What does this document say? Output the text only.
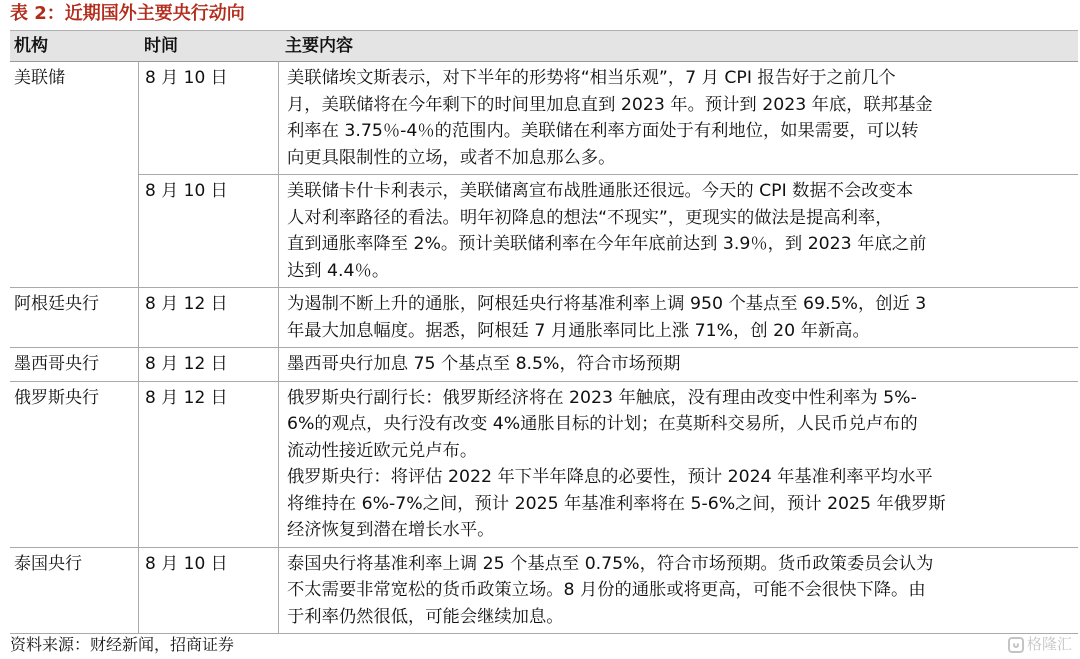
表 2：近期国外主要央行动向
机构	时间	主要内容
美联储	8 月 10 日	美联储埃文斯表示，对下半年的形势将“相当乐观”，7 月 CPI 报告好于之前几个
月，美联储将在今年剩下的时间里加息直到 2023 年。预计到 2023 年底，联邦基金
利率在 3.75％-4％的范围内。美联储在利率方面处于有利地位，如果需要，可以转
向更具限制性的立场，或者不加息那么多。
8 月 10 日	美联储卡什卡利表示，美联储离宣布战胜通胀还很远。今天的 CPI 数据不会改变本
人对利率路径的看法。明年初降息的想法“不现实”，更现实的做法是提高利率，
直到通胀率降至 2%。预计美联储利率在今年年底前达到 3.9％，到 2023 年底之前
达到 4.4％。
阿根廷央行	8 月 12 日	为遏制不断上升的通胀，阿根廷央行将基准利率上调 950 个基点至 69.5%，创近 3
年最大加息幅度。据悉，阿根廷 7 月通胀率同比上涨 71%，创 20 年新高。
墨西哥央行	8 月 12 日	墨西哥央行加息 75 个基点至 8.5%，符合市场预期
俄罗斯央行	8 月 12 日	俄罗斯央行副行长：俄罗斯经济将在 2023 年触底，没有理由改变中性利率为 5%-
6%的观点，央行没有改变 4%通胀目标的计划；在莫斯科交易所，人民币兑卢布的
流动性接近欧元兑卢布。
俄罗斯央行：将评估 2022 年下半年降息的必要性，预计 2024 年基准利率平均水平
将维持在 6%-7%之间，预计 2025 年基准利率将在 5-6%之间，预计 2025 年俄罗斯
经济恢复到潜在增长水平。
泰国央行	8 月 10 日	泰国央行将基准利率上调 25 个基点至 0.75%，符合市场预期。货币政策委员会认为
不太需要非常宽松的货币政策立场。8 月份的通胀或将更高，可能不会很快下降。由
于利率仍然很低，可能会继续加息。
资料来源：财经新闻，招商证券	格隆汇
